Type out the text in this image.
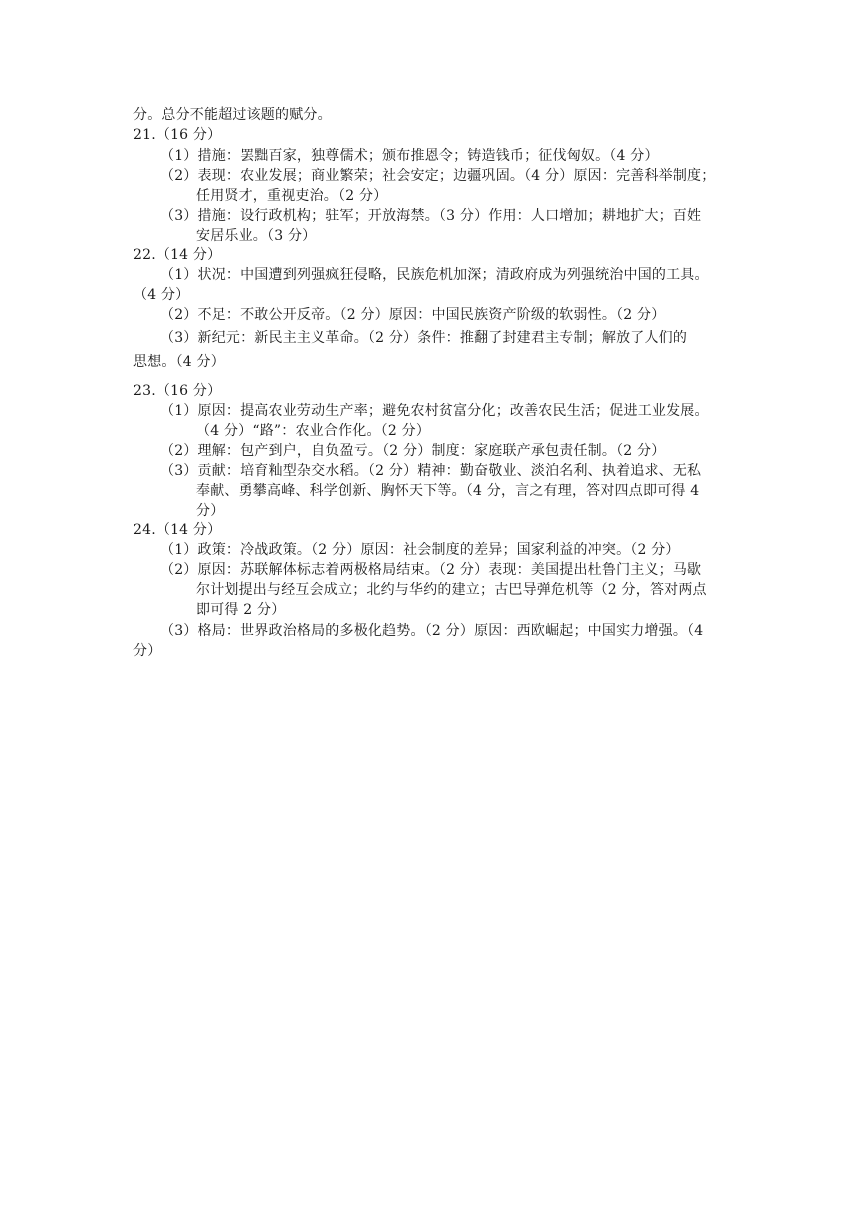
分。总分不能超过该题的赋分。
21.（16 分）
（1）措施：罢黜百家，独尊儒术；颁布推恩令；铸造钱币；征伐匈奴。（4 分）
（2）表现：农业发展；商业繁荣；社会安定；边疆巩固。（4 分）原因：完善科举制度；
任用贤才，重视吏治。（2 分）
（3）措施：设行政机构；驻军；开放海禁。（3 分）作用：人口增加；耕地扩大；百姓
安居乐业。（3 分）
22.（14 分）
（1）状况：中国遭到列强疯狂侵略，民族危机加深；清政府成为列强统治中国的工具。
（4 分）
（2）不足：不敢公开反帝。（2 分）原因：中国民族资产阶级的软弱性。（2 分）
（3）新纪元：新民主主义革命。（2 分）条件：推翻了封建君主专制；解放了人们的
思想。（4 分）
23.（16 分）
（1）原因：提高农业劳动生产率；避免农村贫富分化；改善农民生活；促进工业发展。
（4 分）“路”：农业合作化。（2 分）
（2）理解：包产到户，自负盈亏。（2 分）制度：家庭联产承包责任制。（2 分）
（3）贡献：培育籼型杂交水稻。（2 分）精神：勤奋敬业、淡泊名利、执着追求、无私
奉献、勇攀高峰、科学创新、胸怀天下等。（4 分，言之有理，答对四点即可得 4
分）
24.（14 分）
（1）政策：冷战政策。（2 分）原因：社会制度的差异；国家利益的冲突。（2 分）
（2）原因：苏联解体标志着两极格局结束。（2 分）表现：美国提出杜鲁门主义；马歇
尔计划提出与经互会成立；北约与华约的建立；古巴导弹危机等（2 分，答对两点
即可得 2 分）
（3）格局：世界政治格局的多极化趋势。（2 分）原因：西欧崛起；中国实力增强。（4
分）
